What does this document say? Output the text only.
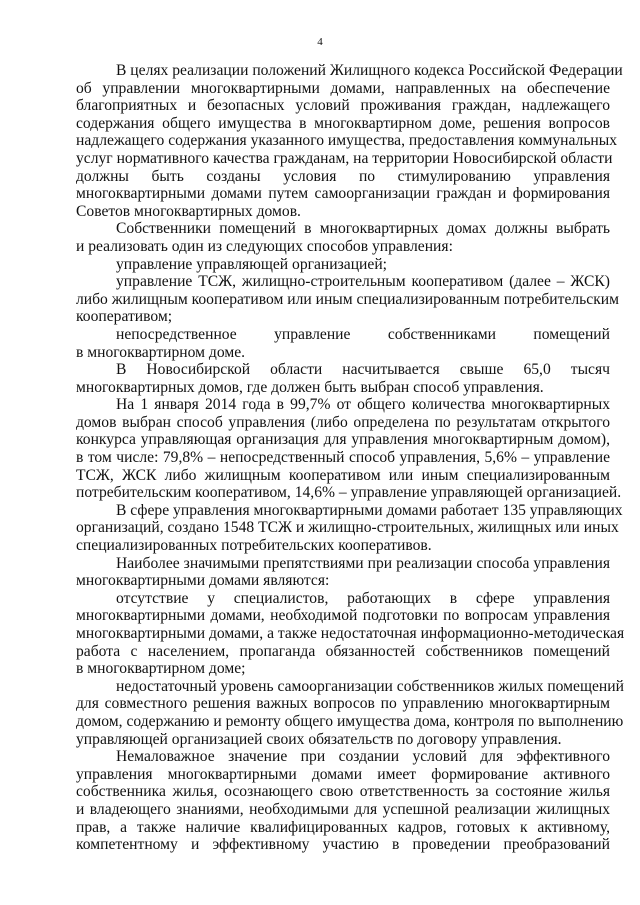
4
В целях реализации положений Жилищного кодекса Российской Федерации
об управлении многоквартирными домами, направленных на обеспечение
благоприятных и безопасных условий проживания граждан, надлежащего
содержания общего имущества в многоквартирном доме, решения вопросов
надлежащего содержания указанного имущества, предоставления коммунальных
услуг нормативного качества гражданам, на территории Новосибирской области
должны быть созданы условия по стимулированию управления
многоквартирными домами путем самоорганизации граждан и формирования
Советов многоквартирных домов.
Собственники помещений в многоквартирных домах должны выбрать
и реализовать один из следующих способов управления:
управление управляющей организацией;
управление ТСЖ, жилищно-строительным кооперативом (далее – ЖСК)
либо жилищным кооперативом или иным специализированным потребительским
кооперативом;
непосредственное управление собственниками помещений
в многоквартирном доме.
В Новосибирской области насчитывается свыше 65,0 тысяч
многоквартирных домов, где должен быть выбран способ управления.
На 1 января 2014 года в 99,7% от общего количества многоквартирных
домов выбран способ управления (либо определена по результатам открытого
конкурса управляющая организация для управления многоквартирным домом),
в том числе: 79,8% – непосредственный способ управления, 5,6% – управление
ТСЖ, ЖСК либо жилищным кооперативом или иным специализированным
потребительским кооперативом, 14,6% – управление управляющей организацией.
В сфере управления многоквартирными домами работает 135 управляющих
организаций, создано 1548 ТСЖ и жилищно-строительных, жилищных или иных
специализированных потребительских кооперативов.
Наиболее значимыми препятствиями при реализации способа управления
многоквартирными домами являются:
отсутствие у специалистов, работающих в сфере управления
многоквартирными домами, необходимой подготовки по вопросам управления
многоквартирными домами, а также недостаточная информационно-методическая
работа с населением, пропаганда обязанностей собственников помещений
в многоквартирном доме;
недостаточный уровень самоорганизации собственников жилых помещений
для совместного решения важных вопросов по управлению многоквартирным
домом, содержанию и ремонту общего имущества дома, контроля по выполнению
управляющей организацией своих обязательств по договору управления.
Немаловажное значение при создании условий для эффективного
управления многоквартирными домами имеет формирование активного
собственника жилья, осознающего свою ответственность за состояние жилья
и владеющего знаниями, необходимыми для успешной реализации жилищных
прав, а также наличие квалифицированных кадров, готовых к активному,
компетентному и эффективному участию в проведении преобразований
